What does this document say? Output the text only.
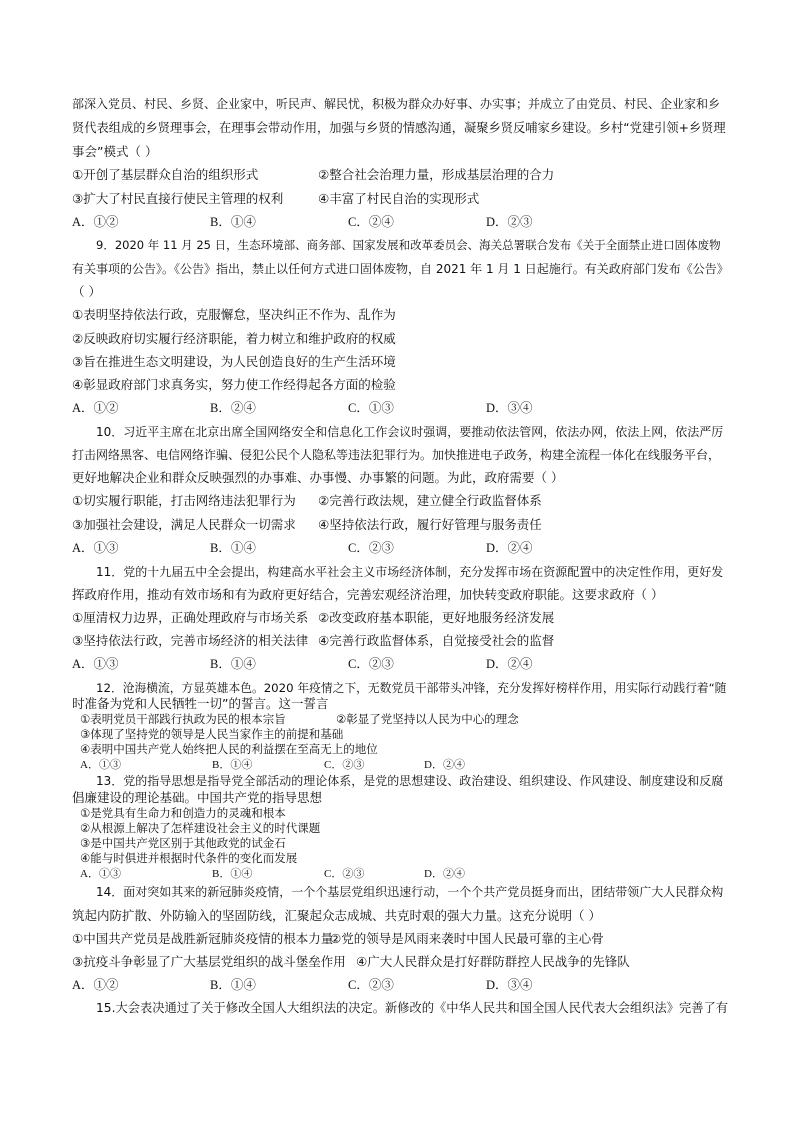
部深入党员、村民、乡贤、企业家中，听民声、解民忧，积极为群众办好事、办实事；并成立了由党员、村民、企业家和乡
贤代表组成的乡贤理事会，在理事会带动作用，加强与乡贤的情感沟通，凝聚乡贤反哺家乡建设。乡村“党建引领+乡贤理
事会”模式（ ）
①开创了基层群众自治的组织形式	②整合社会治理力量，形成基层治理的合力
③扩大了村民直接行使民主管理的权利	④丰富了村民自治的实现形式
A．①②	B．①④	C．②④	D．②③
9．2020 年 11 月 25 日，生态环境部、商务部、国家发展和改革委员会、海关总署联合发布《关于全面禁止进口固体废物
有关事项的公告》。《公告》指出，禁止以任何方式进口固体废物，自 2021 年 1 月 1 日起施行。有关政府部门发布《公告》
（ ）
①表明坚持依法行政，克服懈怠，坚决纠正不作为、乱作为
②反映政府切实履行经济职能，着力树立和维护政府的权威
③旨在推进生态文明建设，为人民创造良好的生产生活环境
④彰显政府部门求真务实，努力使工作经得起各方面的检验
A．①②	B．②④	C．①③	D．③④
10．习近平主席在北京出席全国网络安全和信息化工作会议时强调，要推动依法管网，依法办网，依法上网，依法严厉
打击网络黑客、电信网络诈骗、侵犯公民个人隐私等违法犯罪行为。加快推进电子政务，构建全流程一体化在线服务平台，
更好地解决企业和群众反映强烈的办事难、办事慢、办事繁的问题。为此，政府需要（ ）
①切实履行职能，打击网络违法犯罪行为 ②完善行政法规，建立健全行政监督体系
③加强社会建设，满足人民群众一切需求 ④坚持依法行政，履行好管理与服务责任
A．①③	B．①④	C．②③	D．②④
11．党的十九届五中全会提出，构建高水平社会主义市场经济体制，充分发挥市场在资源配置中的决定性作用，更好发
挥政府作用，推动有效市场和有为政府更好结合，完善宏观经济治理，加快转变政府职能。这要求政府（ ）
①厘清权力边界，正确处理政府与市场关系 ②改变政府基本职能，更好地服务经济发展
③坚持依法行政，完善市场经济的相关法律 ④完善行政监督体系，自觉接受社会的监督
A．①③	B．①④	C．②③	D．②④
12．沧海横流，方显英雄本色。2020 年疫情之下，无数党员干部带头冲锋，充分发挥好榜样作用，用实际行动践行着“随
时准备为党和人民牺牲一切”的誓言。这一誓言
①表明党员干部践行执政为民的根本宗旨	②彰显了党坚持以人民为中心的理念
③体现了坚持党的领导是人民当家作主的前提和基础
④表明中国共产党人始终把人民的利益摆在至高无上的地位
A．①③	B．①④	C．②③	D．②④
13．党的指导思想是指导党全部活动的理论体系，是党的思想建设、政治建设、组织建设、作风建设、制度建设和反腐
倡廉建设的理论基础。中国共产党的指导思想
①是党具有生命力和创造力的灵魂和根本
②从根源上解决了怎样建设社会主义的时代课题
③是中国共产党区别于其他政党的试金石
④能与时俱进并根据时代条件的变化而发展
A．①③	B．①④	C．②③	D．②④
14．面对突如其来的新冠肺炎疫情，一个个基层党组织迅速行动，一个个共产党员挺身而出，团结带领广大人民群众构
筑起内防扩散、外防输入的坚固防线，汇聚起众志成城、共克时艰的强大力量。这充分说明（ ）
①中国共产党员是战胜新冠肺炎疫情的根本力量
②党的领导是风雨来袭时中国人民最可靠的主心骨
③抗疫斗争彰显了广大基层党组织的战斗堡垒作用 ④广大人民群众是打好群防群控人民战争的先锋队
A．①②	B．①④	C．②③	D．③④
15.大会表决通过了关于修改全国人大组织法的决定。新修改的《中华人民共和国全国人民代表大会组织法》完善了有
